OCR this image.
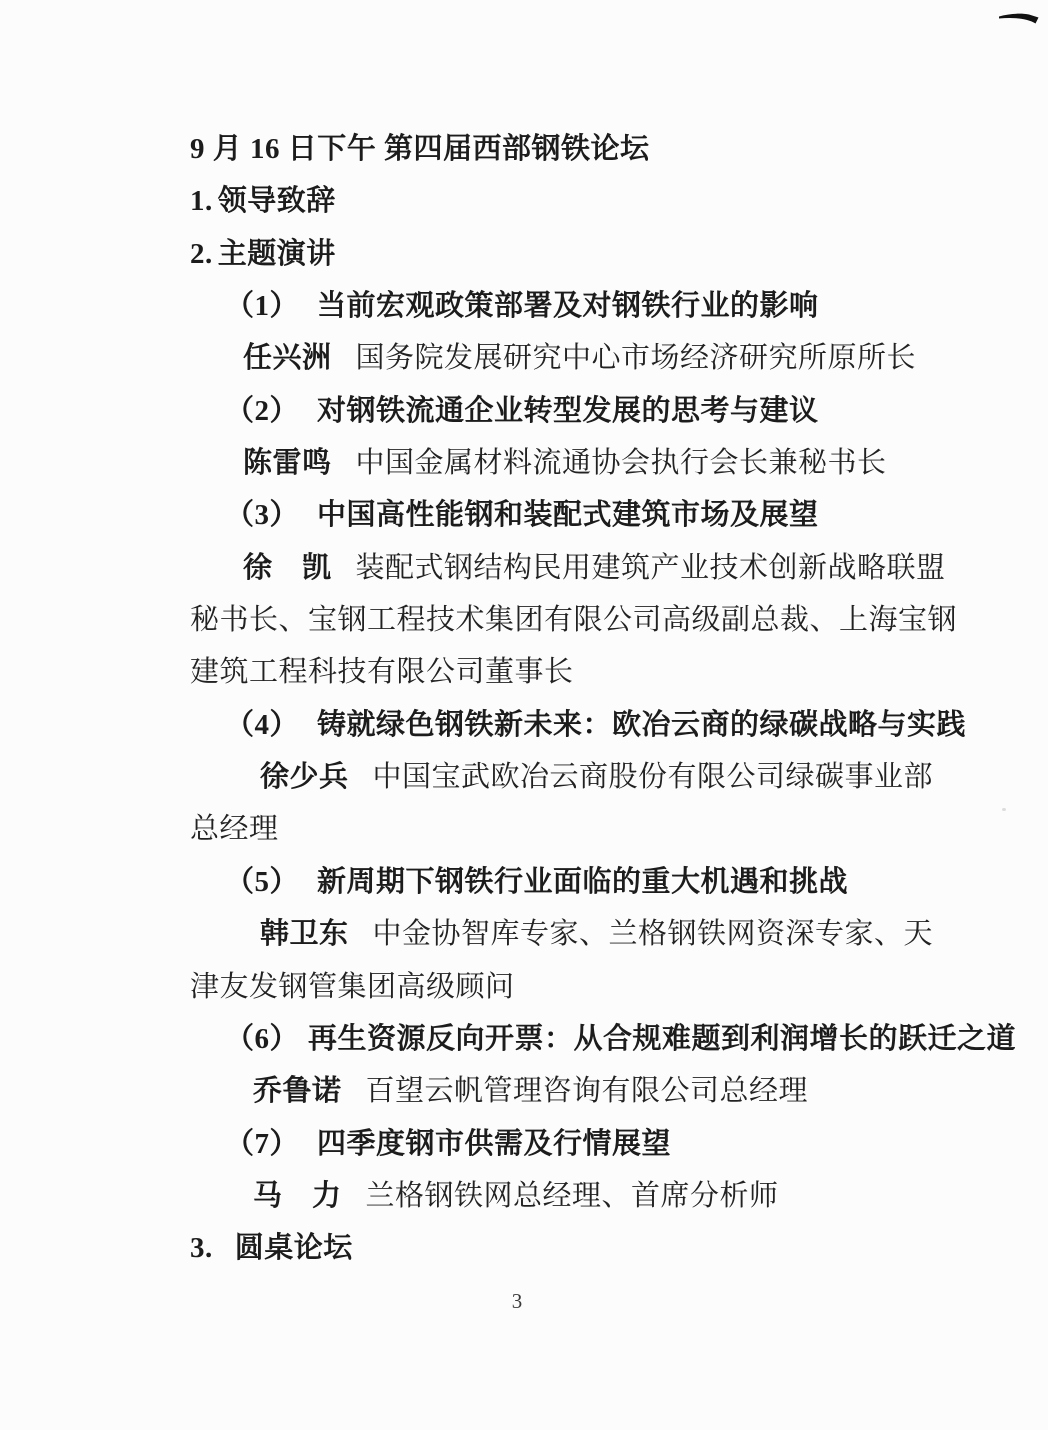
9 月 16 日下午 第四届西部钢铁论坛
1. 领导致辞
2. 主题演讲
（1） 当前宏观政策部署及对钢铁行业的影响
任兴洲 国务院发展研究中心市场经济研究所原所长
（2） 对钢铁流通企业转型发展的思考与建议
陈雷鸣 中国金属材料流通协会执行会长兼秘书长
（3） 中国高性能钢和装配式建筑市场及展望
徐　凯 装配式钢结构民用建筑产业技术创新战略联盟
秘书长、宝钢工程技术集团有限公司高级副总裁、上海宝钢
建筑工程科技有限公司董事长
（4） 铸就绿色钢铁新未来：欧冶云商的绿碳战略与实践
徐少兵 中国宝武欧冶云商股份有限公司绿碳事业部
总经理
（5） 新周期下钢铁行业面临的重大机遇和挑战
韩卫东 中金协智库专家、兰格钢铁网资深专家、天
津友发钢管集团高级顾问
（6） 再生资源反向开票：从合规难题到利润增长的跃迁之道
乔鲁诺 百望云帆管理咨询有限公司总经理
（7） 四季度钢市供需及行情展望
马　力 兰格钢铁网总经理、首席分析师
3. 圆桌论坛
3
